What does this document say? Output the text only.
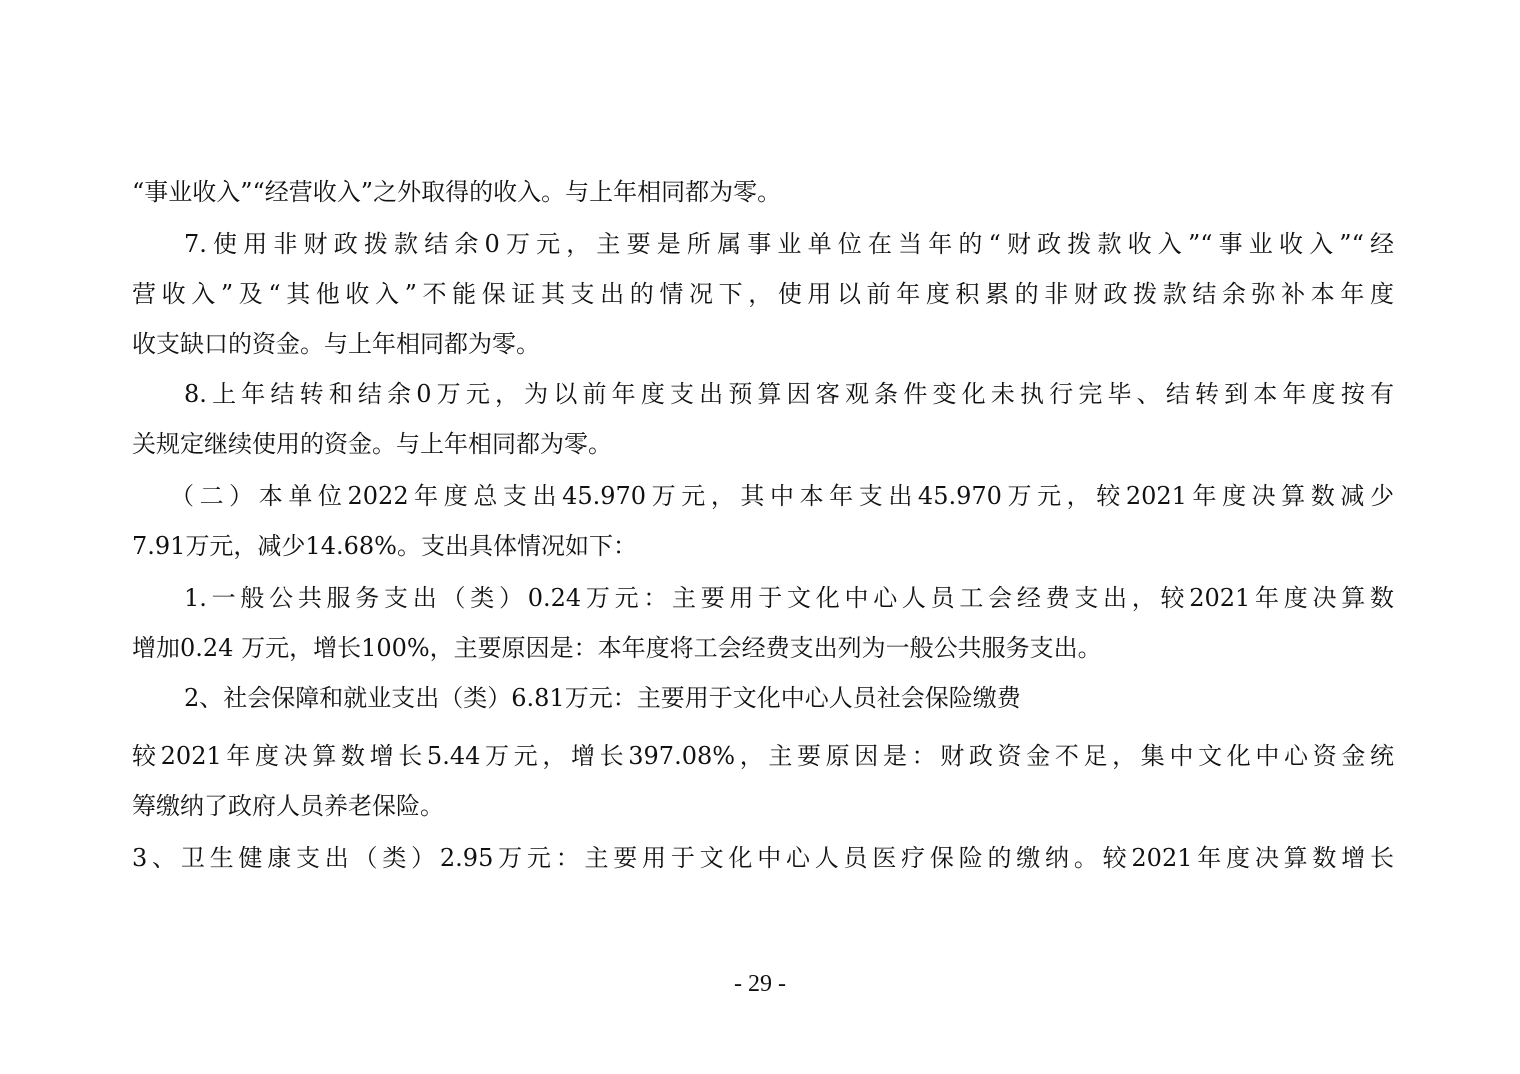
“事业收入”“经营收入”之外取得的收入。与上年相同都为零。
7.使用非财政拨款结余0万元，主要是所属事业单位在当年的“财政拨款收入”“事业收入”“经
营收入”及“其他收入”不能保证其支出的情况下，使用以前年度积累的非财政拨款结余弥补本年度
收支缺口的资金。与上年相同都为零。
8.上年结转和结余0万元，为以前年度支出预算因客观条件变化未执行完毕、结转到本年度按有
关规定继续使用的资金。与上年相同都为零。
（二）本单位2022年度总支出45.970万元，其中本年支出45.970万元，较2021年度决算数减少
7.91万元，减少14.68%。支出具体情况如下：
1.一般公共服务支出（类）0.24万元：主要用于文化中心人员工会经费支出，较2021年度决算数
增加0.24 万元，增长100%，主要原因是：本年度将工会经费支出列为一般公共服务支出。
2、社会保障和就业支出（类）6.81万元：主要用于文化中心人员社会保险缴费
较2021年度决算数增长5.44万元，增长397.08%，主要原因是：财政资金不足，集中文化中心资金统
筹缴纳了政府人员养老保险。
3、卫生健康支出（类）2.95万元：主要用于文化中心人员医疗保险的缴纳。较2021年度决算数增长
- 29 -
